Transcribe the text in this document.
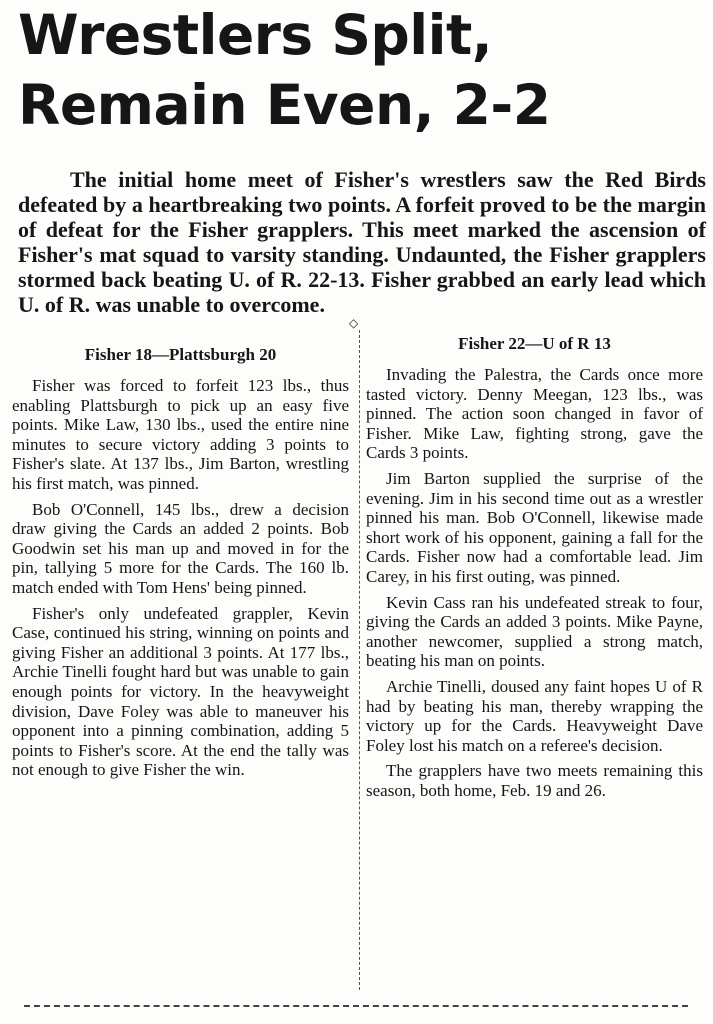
Wrestlers Split,
Remain Even, 2-2

The initial home meet of Fisher's wrestlers saw the Red Birds defeated by a heartbreaking two points. A forfeit proved to be the margin of defeat for the Fisher grapplers. This meet marked the ascension of Fisher's mat squad to varsity standing. Undaunted, the Fisher grapplers stormed back beating U. of R. 22-13. Fisher grabbed an early lead which U. of R. was unable to overcome.

◇
Fisher 18—Plattsburgh 20

Fisher was forced to forfeit 123 lbs., thus enabling Plattsburgh to pick up an easy five points. Mike Law, 130 lbs., used the entire nine minutes to secure victory adding 3 points to Fisher's slate. At 137 lbs., Jim Barton, wrestling his first match, was pinned.

Bob O'Connell, 145 lbs., drew a decision draw giving the Cards an added 2 points. Bob Goodwin set his man up and moved in for the pin, tallying 5 more for the Cards. The 160 lb. match ended with Tom Hens' being pinned.

Fisher's only undefeated grappler, Kevin Case, continued his string, winning on points and giving Fisher an additional 3 points. At 177 lbs., Archie Tinelli fought hard but was unable to gain enough points for victory. In the heavyweight division, Dave Foley was able to maneuver his opponent into a pinning combination, adding 5 points to Fisher's score. At the end the tally was not enough to give Fisher the win.

Fisher 22—U of R 13

Invading the Palestra, the Cards once more tasted victory. Denny Meegan, 123 lbs., was pinned. The action soon changed in favor of Fisher. Mike Law, fighting strong, gave the Cards 3 points.

Jim Barton supplied the surprise of the evening. Jim in his second time out as a wrestler pinned his man. Bob O'Connell, likewise made short work of his opponent, gaining a fall for the Cards. Fisher now had a comfortable lead. Jim Carey, in his first outing, was pinned.

Kevin Cass ran his undefeated streak to four, giving the Cards an added 3 points. Mike Payne, another newcomer, supplied a strong match, beating his man on points.

Archie Tinelli, doused any faint hopes U of R had by beating his man, thereby wrapping the victory up for the Cards. Heavyweight Dave Foley lost his match on a referee's decision.

The grapplers have two meets remaining this season, both home, Feb. 19 and 26.
